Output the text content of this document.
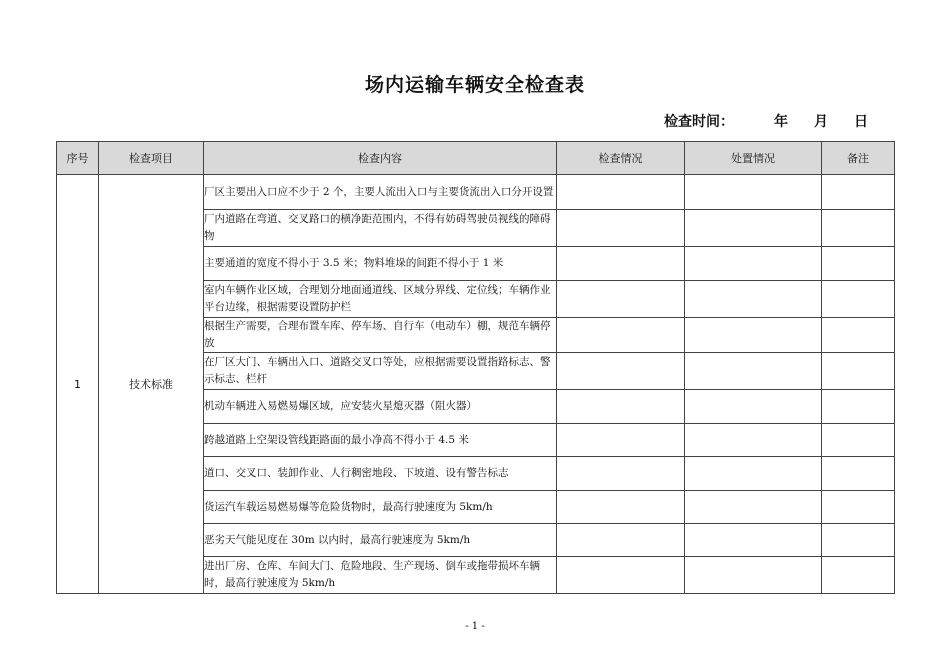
场内运输车辆安全检查表
检查时间：	年 月 日
序号	检查项目	检查内容	检查情况	处置情况	备注
1	技术标准	厂区主要出入口应不少于 2 个，主要人流出入口与主要货流出入口分开设置			
		厂内道路在弯道、交叉路口的横净距范围内，不得有妨碍驾驶员视线的障碍物			
		主要通道的宽度不得小于 3.5 米；物料堆垛的间距不得小于 1 米			
		室内车辆作业区域，合理划分地面通道线、区域分界线、定位线；车辆作业平台边缘，根据需要设置防护栏			
		根据生产需要，合理布置车库、停车场、自行车（电动车）棚，规范车辆停放			
		在厂区大门、车辆出入口、道路交叉口等处，应根据需要设置指路标志、警示标志、栏杆			
		机动车辆进入易燃易爆区域，应安装火星熄灭器（阻火器）			
		跨越道路上空架设管线距路面的最小净高不得小于 4.5 米			
		道口、交叉口、装卸作业、人行稠密地段、下坡道、设有警告标志			
		货运汽车载运易燃易爆等危险货物时，最高行驶速度为 5km/h			
		恶劣天气能见度在 30m 以内时，最高行驶速度为 5km/h			
		进出厂房、仓库、车间大门、危险地段、生产现场、倒车或拖带损坏车辆时，最高行驶速度为 5km/h			
- 1 -
